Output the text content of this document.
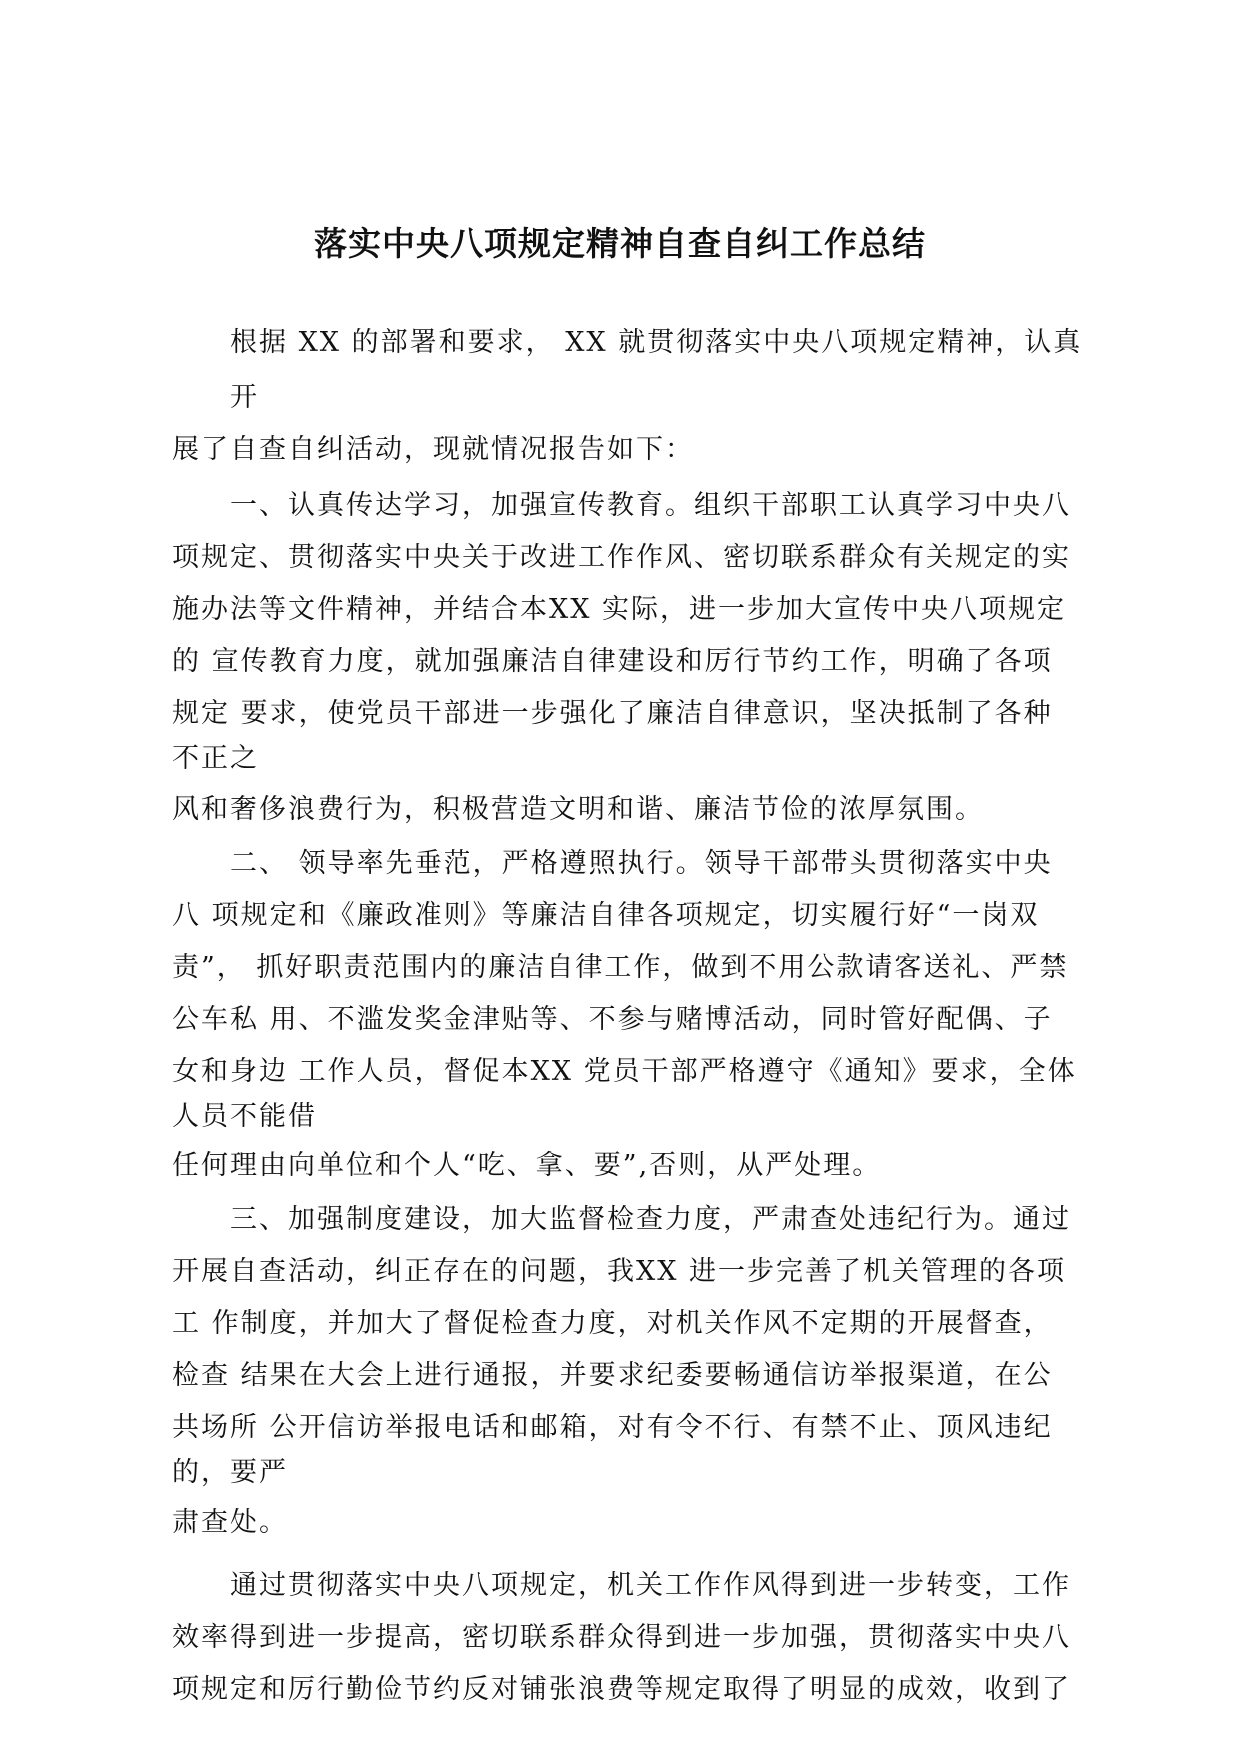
落实中央八项规定精神自查自纠工作总结
根据 XX 的部署和要求， XX 就贯彻落实中央八项规定精神，认真
开
展了自查自纠活动，现就情况报告如下：
一、认真传达学习，加强宣传教育。组织干部职工认真学习中央八
项规定、贯彻落实中央关于改进工作作风、密切联系群众有关规定的实
施办法等文件精神，并结合本XX 实际，进一步加大宣传中央八项规定
的 宣传教育力度，就加强廉洁自律建设和厉行节约工作，明确了各项
规定 要求，使党员干部进一步强化了廉洁自律意识，坚决抵制了各种
不正之
风和奢侈浪费行为，积极营造文明和谐、廉洁节俭的浓厚氛围。
二、 领导率先垂范，严格遵照执行。领导干部带头贯彻落实中央
八 项规定和《廉政准则》等廉洁自律各项规定，切实履行好“一岗双
责”， 抓好职责范围内的廉洁自律工作，做到不用公款请客送礼、严禁
公车私 用、不滥发奖金津贴等、不参与赌博活动，同时管好配偶、子
女和身边 工作人员，督促本XX 党员干部严格遵守《通知》要求，全体
人员不能借
任何理由向单位和个人“吃、拿、要”,否则，从严处理。
三、加强制度建设，加大监督检查力度，严肃查处违纪行为。通过
开展自查活动，纠正存在的问题，我XX 进一步完善了机关管理的各项
工 作制度，并加大了督促检查力度，对机关作风不定期的开展督查，
检查 结果在大会上进行通报，并要求纪委要畅通信访举报渠道，在公
共场所 公开信访举报电话和邮箱，对有令不行、有禁不止、顶风违纪
的，要严
肃查处。
通过贯彻落实中央八项规定，机关工作作风得到进一步转变，工作
效率得到进一步提高，密切联系群众得到进一步加强，贯彻落实中央八
项规定和厉行勤俭节约反对铺张浪费等规定取得了明显的成效，收到了
